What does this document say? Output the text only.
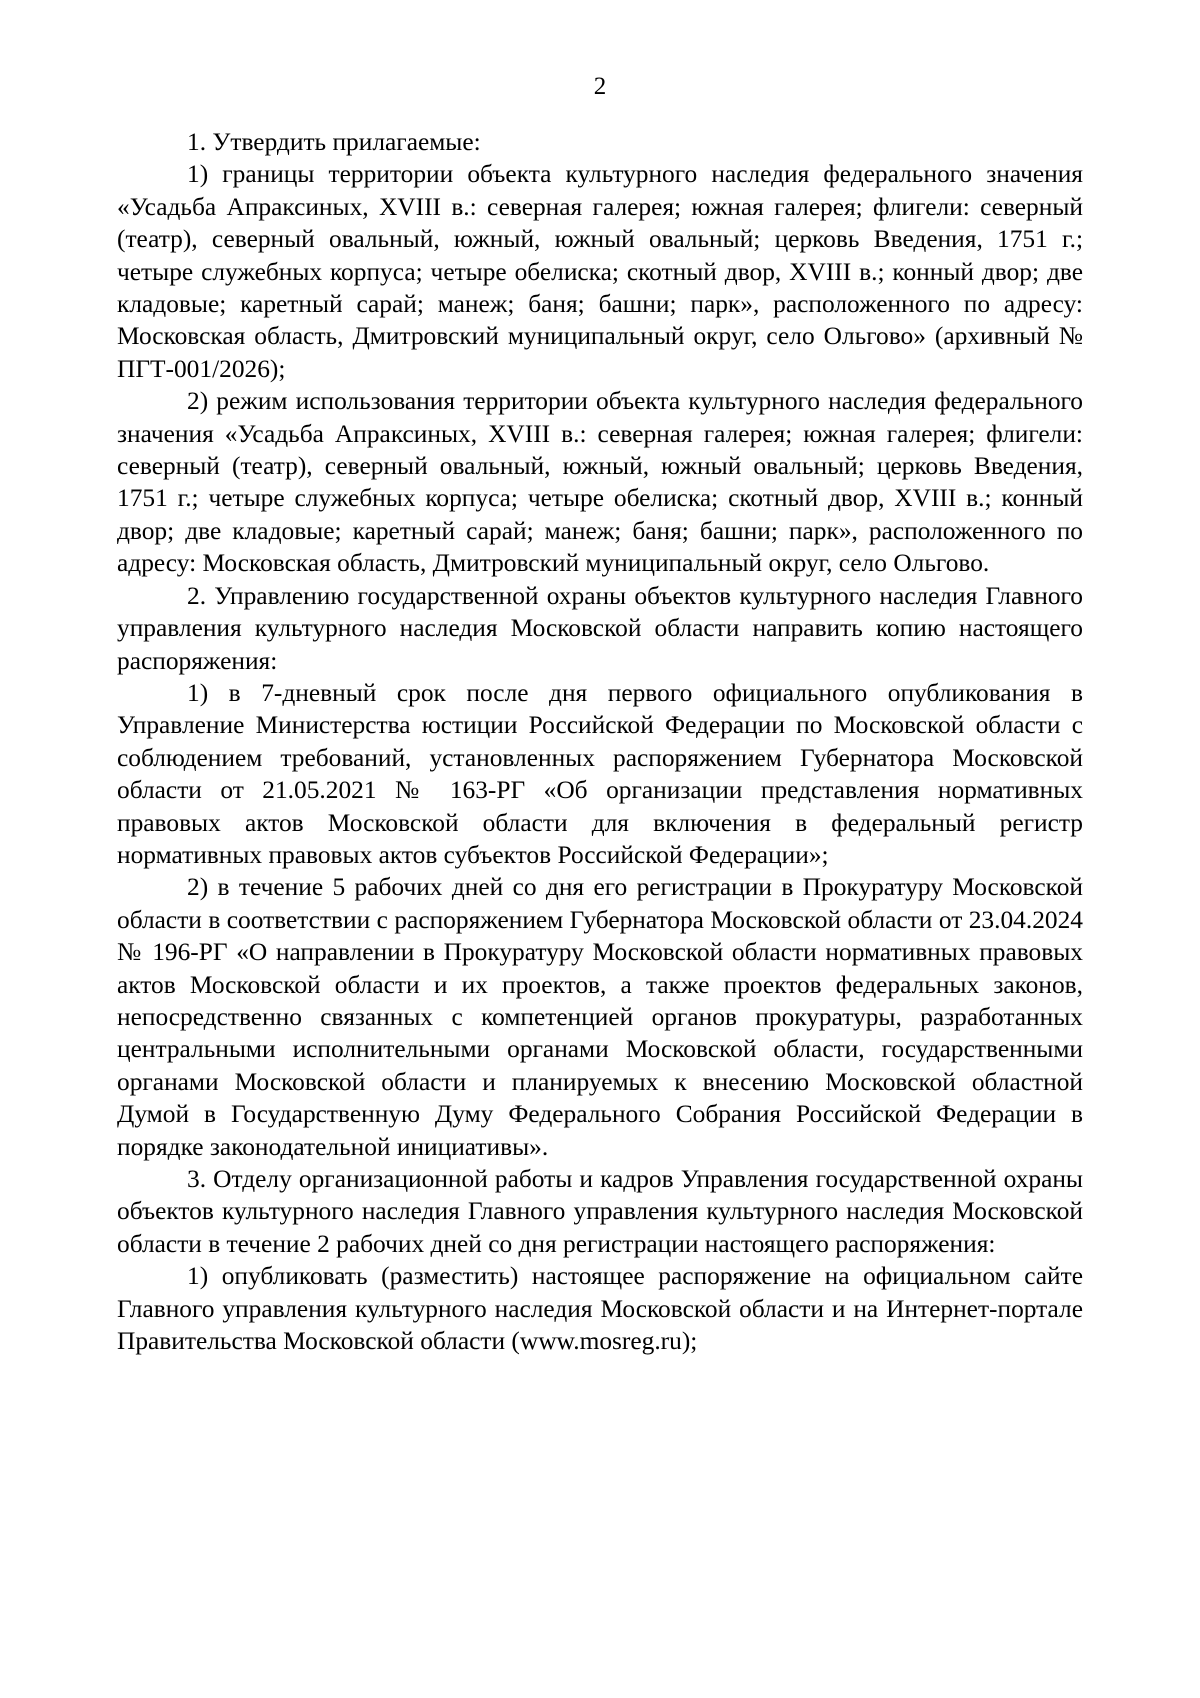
2

1. Утвердить прилагаемые:

1) границы территории объекта культурного наследия федерального значения «Усадьба Апраксиных, XVIII в.: северная галерея; южная галерея; флигели: северный (театр), северный овальный, южный, южный овальный; церковь Введения, 1751 г.; четыре служебных корпуса; четыре обелиска; скотный двор, XVIII в.; конный двор; две кладовые; каретный сарай; манеж; баня; башни; парк», расположенного по адресу: Московская область, Дмитровский муниципальный округ, село Ольгово» (архивный № ПГТ-001/2026);

2) режим использования территории объекта культурного наследия федерального значения «Усадьба Апраксиных, XVIII в.: северная галерея; южная галерея; флигели: северный (театр), северный овальный, южный, южный овальный; церковь Введения, 1751 г.; четыре служебных корпуса; четыре обелиска; скотный двор, XVIII в.; конный двор; две кладовые; каретный сарай; манеж; баня; башни; парк», расположенного по адресу: Московская область, Дмитровский муниципальный округ, село Ольгово.

2. Управлению государственной охраны объектов культурного наследия Главного управления культурного наследия Московской области направить копию настоящего распоряжения:

1) в 7-дневный срок после дня первого официального опубликования в Управление Министерства юстиции Российской Федерации по Московской области с соблюдением требований, установленных распоряжением Губернатора Московской области от 21.05.2021 № 163-РГ «Об организации представления нормативных правовых актов Московской области для включения в федеральный регистр нормативных правовых актов субъектов Российской Федерации»;

2) в течение 5 рабочих дней со дня его регистрации в Прокуратуру Московской области в соответствии с распоряжением Губернатора Московской области от 23.04.2024 № 196-РГ «О направлении в Прокуратуру Московской области нормативных правовых актов Московской области и их проектов, а также проектов федеральных законов, непосредственно связанных с компетенцией органов прокуратуры, разработанных центральными исполнительными органами Московской области, государственными органами Московской области и планируемых к внесению Московской областной Думой в Государственную Думу Федерального Собрания Российской Федерации в порядке законодательной инициативы».

3. Отделу организационной работы и кадров Управления государственной охраны объектов культурного наследия Главного управления культурного наследия Московской области в течение 2 рабочих дней со дня регистрации настоящего распоряжения:

1) опубликовать (разместить) настоящее распоряжение на официальном сайте Главного управления культурного наследия Московской области и на Интернет-портале Правительства Московской области (www.mosreg.ru);
